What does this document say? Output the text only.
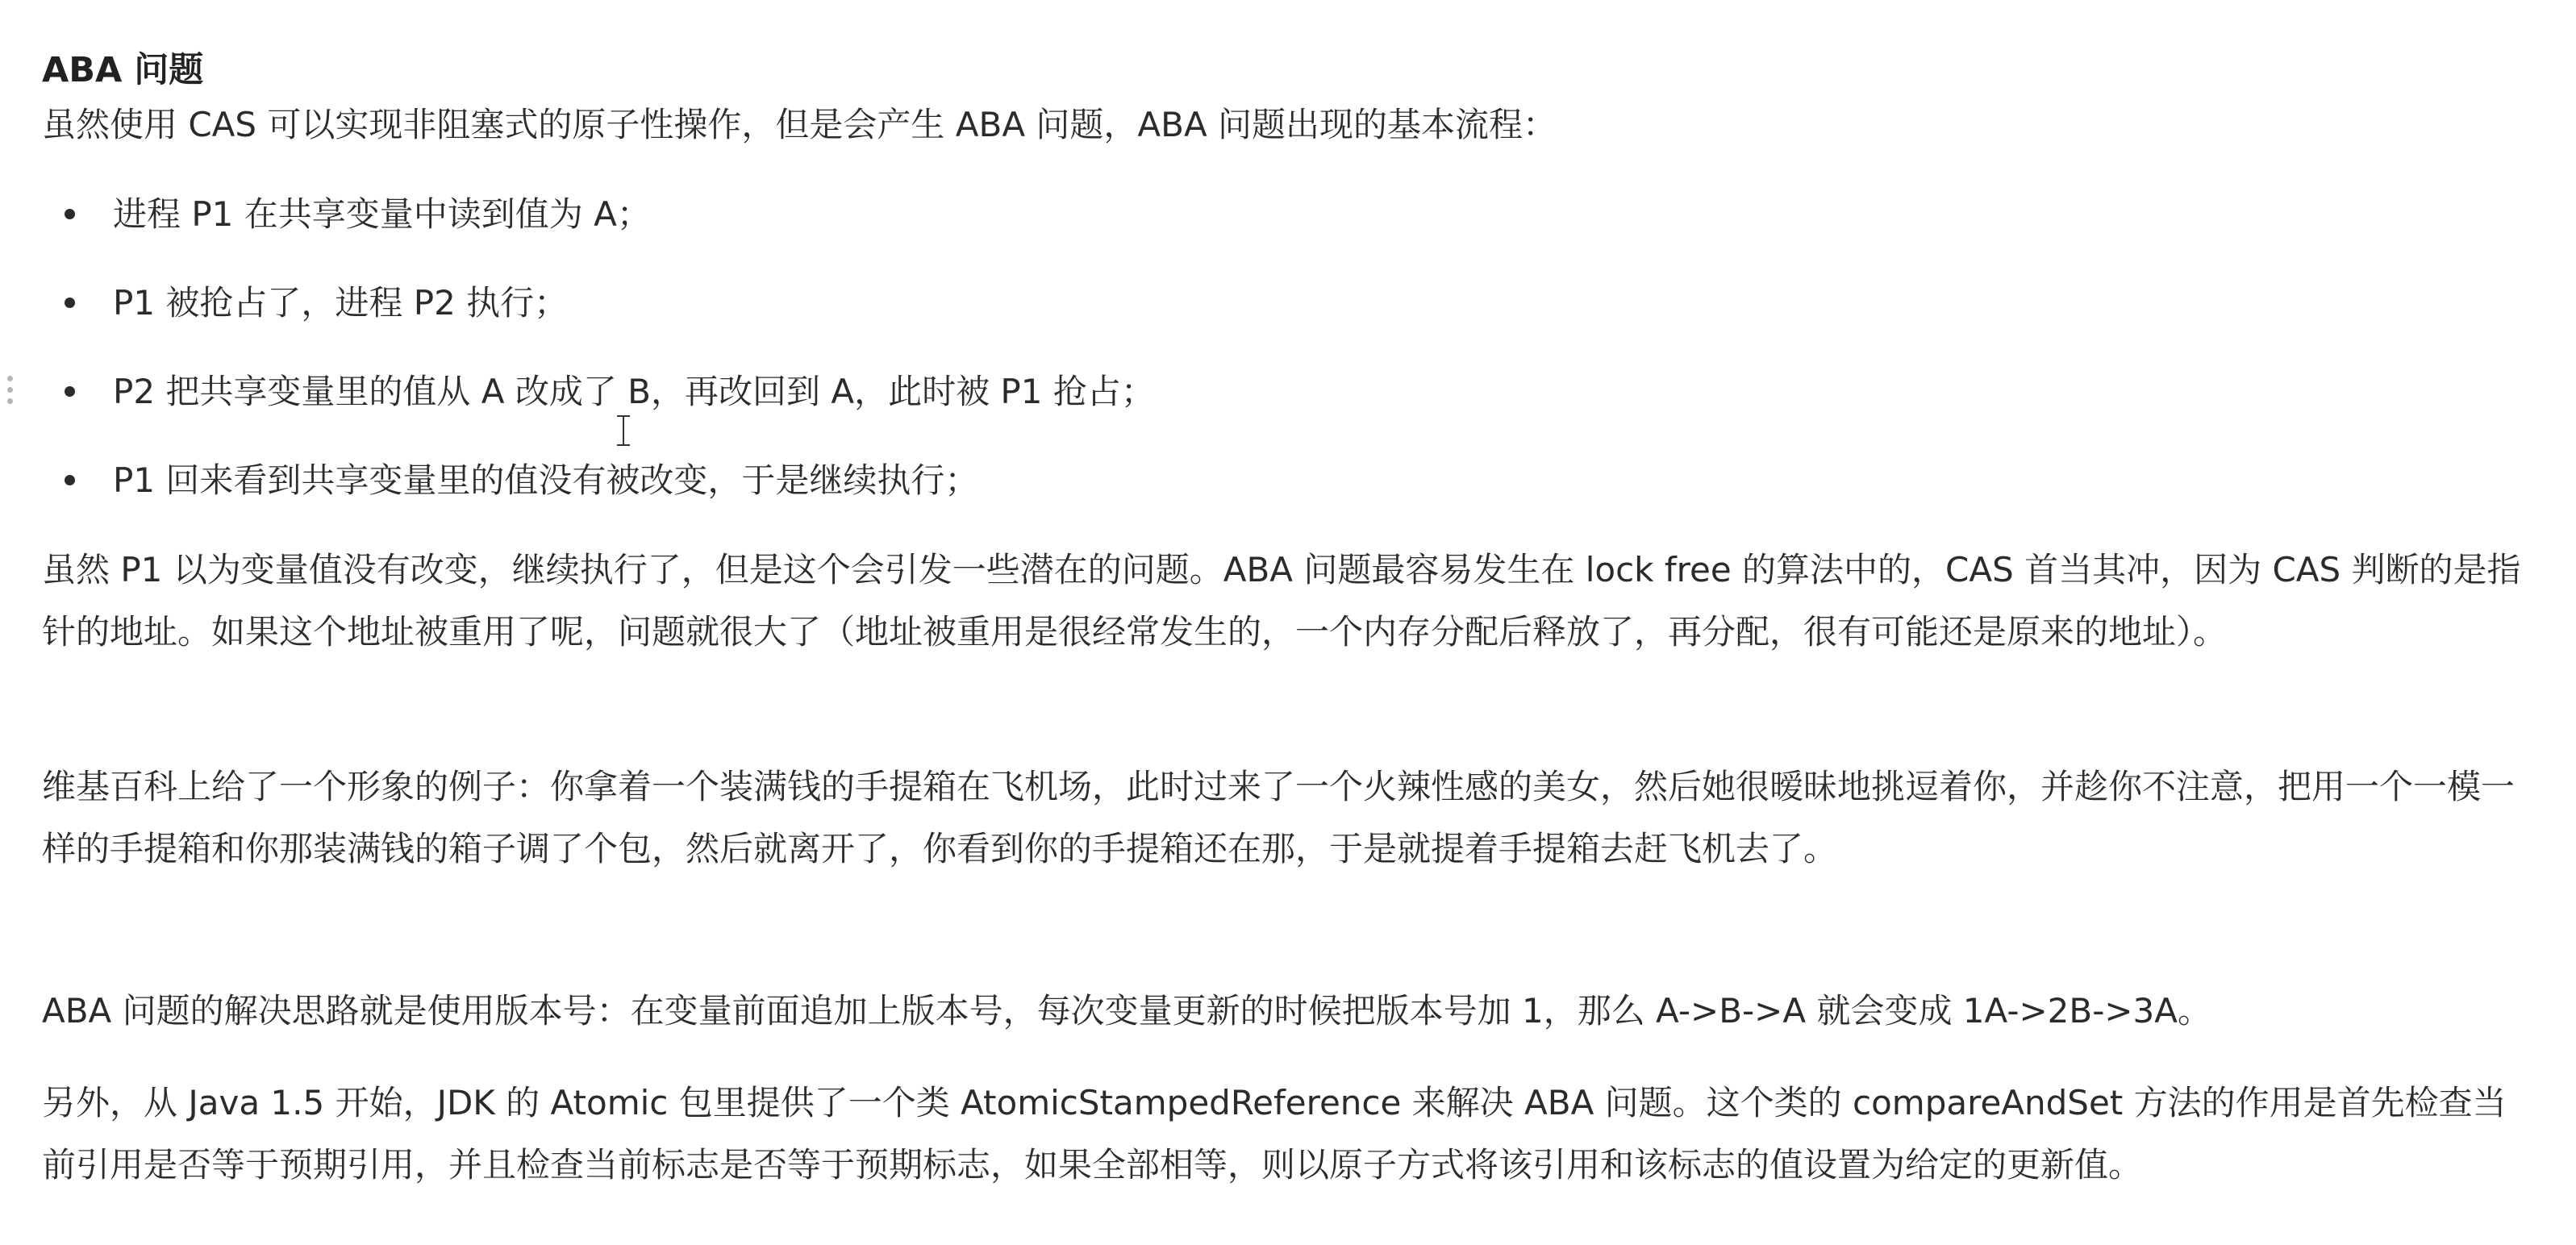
ABA 问题

虽然使用 CAS 可以实现非阻塞式的原子性操作，但是会产生 ABA 问题，ABA 问题出现的基本流程：

进程 P1 在共享变量中读到值为 A；
P1 被抢占了，进程 P2 执行；
P2 把共享变量里的值从 A 改成了 B，再改回到 A，此时被 P1 抢占；
P1 回来看到共享变量里的值没有被改变，于是继续执行；

虽然 P1 以为变量值没有改变，继续执行了，但是这个会引发一些潜在的问题。ABA 问题最容易发生在 lock free 的算法中的，CAS 首当其冲，因为 CAS 判断的是指针的地址。如果这个地址被重用了呢，问题就很大了（地址被重用是很经常发生的，一个内存分配后释放了，再分配，很有可能还是原来的地址）。

维基百科上给了一个形象的例子：你拿着一个装满钱的手提箱在飞机场，此时过来了一个火辣性感的美女，然后她很暧昧地挑逗着你，并趁你不注意，把用一个一模一样的手提箱和你那装满钱的箱子调了个包，然后就离开了，你看到你的手提箱还在那，于是就提着手提箱去赶飞机去了。

ABA 问题的解决思路就是使用版本号：在变量前面追加上版本号，每次变量更新的时候把版本号加 1，那么 A->B->A 就会变成 1A->2B->3A。

另外，从 Java 1.5 开始，JDK 的 Atomic 包里提供了一个类 AtomicStampedReference 来解决 ABA 问题。这个类的 compareAndSet 方法的作用是首先检查当前引用是否等于预期引用，并且检查当前标志是否等于预期标志，如果全部相等，则以原子方式将该引用和该标志的值设置为给定的更新值。
